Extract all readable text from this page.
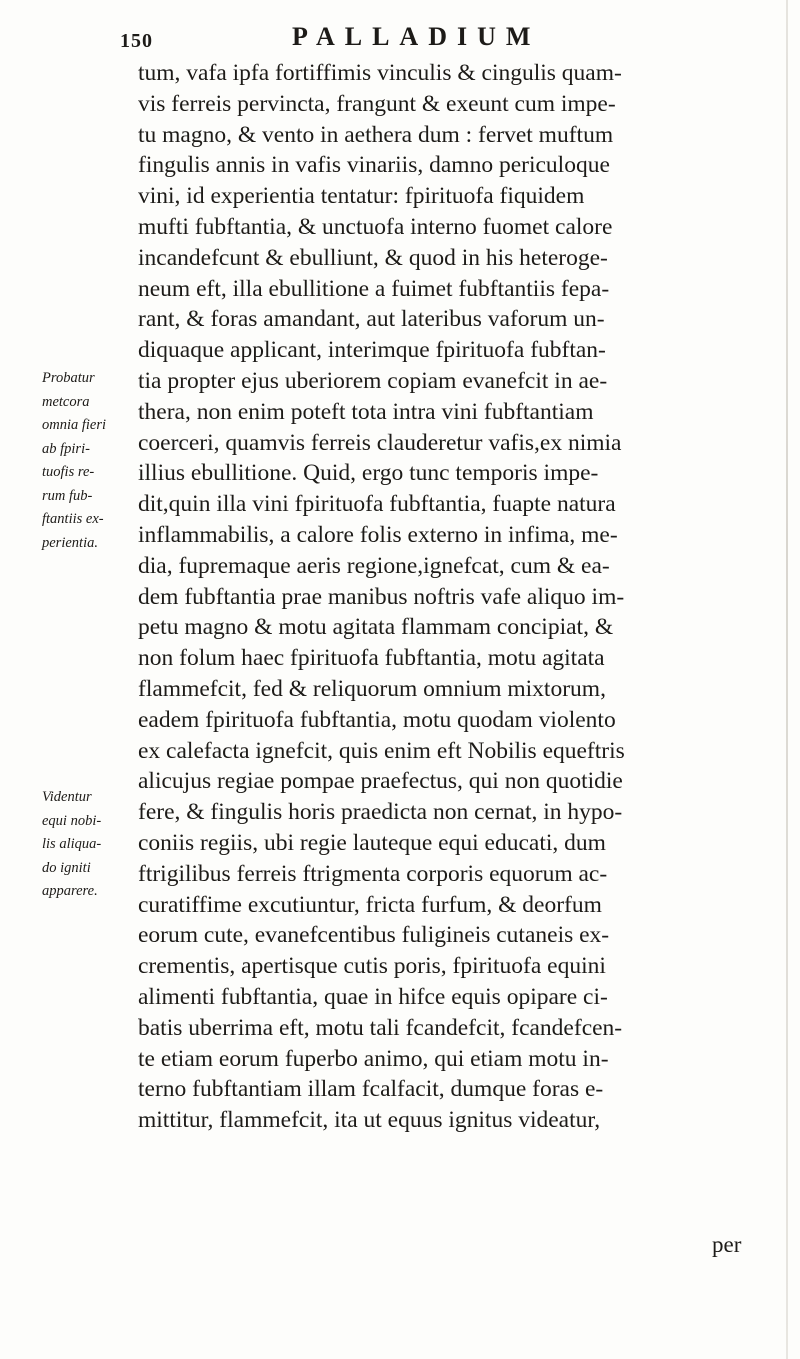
150	PALLADIUM
Probatur
metcora
omnia fieri
ab fpiri-
tuofis re-
rum fub-
ftantiis ex-
perientia.
Videntur
equi nobi-
lis aliqua-
do igniti
apparere.
tum, vafa ipfa fortiffimis vinculis & cingulis quam-
vis ferreis pervincta, frangunt & exeunt cum impe-
tu magno, & vento in aethera dum : fervet muftum
fingulis annis in vafis vinariis, damno periculoque
vini, id experientia tentatur: fpirituofa fiquidem
mufti fubftantia, & unctuofa interno fuomet calore
incandefcunt & ebulliunt, & quod in his heteroge-
neum eft, illa ebullitione a fuimet fubftantiis fepa-
rant, & foras amandant, aut lateribus vaforum un-
diquaque applicant, interimque fpirituofa fubftan-
tia propter ejus uberiorem copiam evanefcit in ae-
thera, non enim poteft tota intra vini fubftantiam
coerceri, quamvis ferreis clauderetur vafis,ex nimia
illius ebullitione. Quid, ergo tunc temporis impe-
dit,quin illa vini fpirituofa fubftantia, fuapte natura
inflammabilis, a calore folis externo in infima, me-
dia, fupremaque aeris regione,ignefcat, cum & ea-
dem fubftantia prae manibus noftris vafe aliquo im-
petu magno & motu agitata flammam concipiat, &
non folum haec fpirituofa fubftantia, motu agitata
flammefcit, fed & reliquorum omnium mixtorum,
eadem fpirituofa fubftantia, motu quodam violento
ex calefacta ignefcit, quis enim eft Nobilis equeftris
alicujus regiae pompae praefectus, qui non quotidie
fere, & fingulis horis praedicta non cernat, in hypo-
coniis regiis, ubi regie lauteque equi educati, dum
ftrigilibus ferreis ftrigmenta corporis equorum ac-
curatiffime excutiuntur, fricta furfum, & deorfum
eorum cute, evanefcentibus fuligineis cutaneis ex-
crementis, apertisque cutis poris, fpirituofa equini
alimenti fubftantia, quae in hifce equis opipare ci-
batis uberrima eft, motu tali fcandefcit, fcandefcen-
te etiam eorum fuperbo animo, qui etiam motu in-
terno fubftantiam illam fcalfacit, dumque foras e-
mittitur, flammefcit, ita ut equus ignitus videatur,
per
